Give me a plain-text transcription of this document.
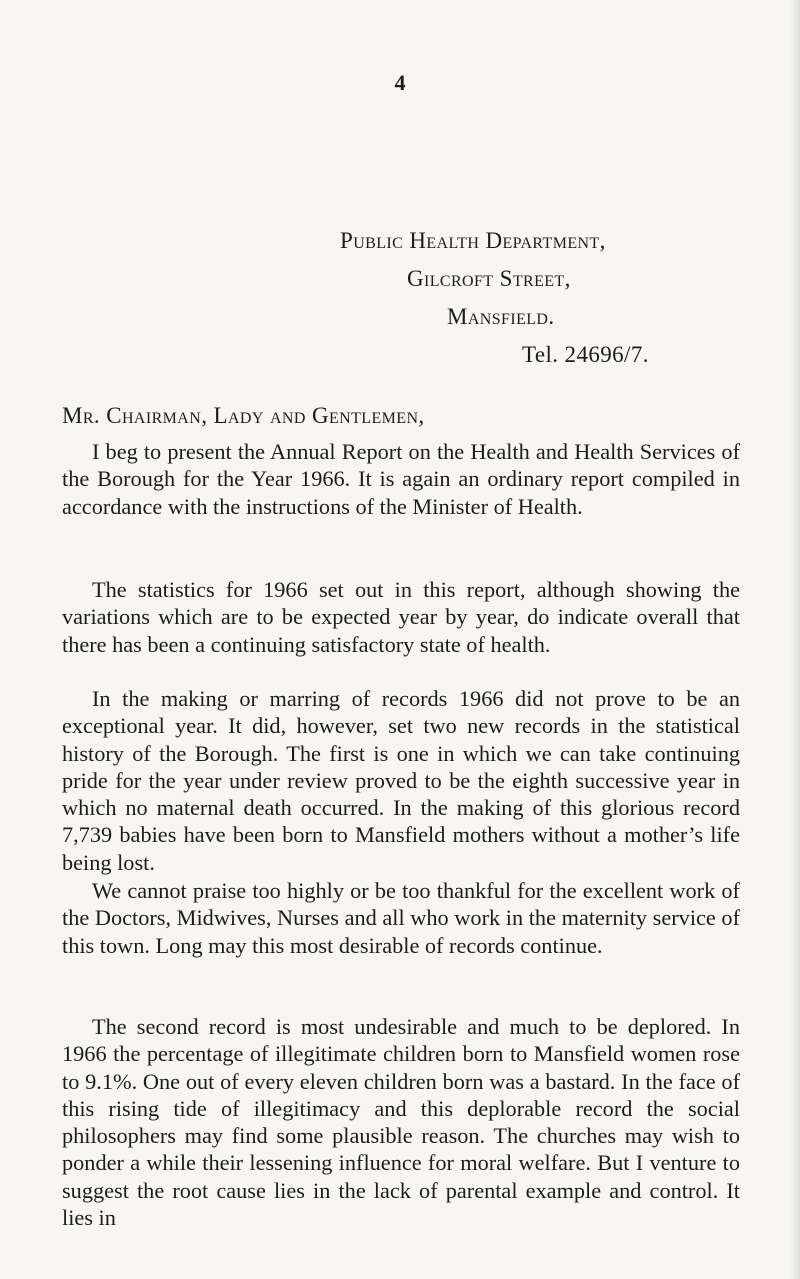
4
Public Health Department,
Gilcroft Street,
Mansfield.
Tel. 24696/7.
Mr. Chairman, Lady and Gentlemen,

I beg to present the Annual Report on the Health and Health Services of the Borough for the Year 1966. It is again an ordinary report compiled in accordance with the instructions of the Minister of Health.

The statistics for 1966 set out in this report, although showing the variations which are to be expected year by year, do indicate overall that there has been a continuing satisfactory state of health.

In the making or marring of records 1966 did not prove to be an exceptional year. It did, however, set two new records in the statistical history of the Borough. The first is one in which we can take continuing pride for the year under review proved to be the eighth successive year in which no maternal death occurred. In the making of this glorious record 7,739 babies have been born to Mansfield mothers without a mother’s life being lost.

We cannot praise too highly or be too thankful for the excellent work of the Doctors, Midwives, Nurses and all who work in the maternity service of this town. Long may this most desirable of records continue.

The second record is most undesirable and much to be deplored. In 1966 the percentage of illegitimate children born to Mansfield women rose to 9.1%. One out of every eleven children born was a bastard. In the face of this rising tide of illegitimacy and this deplorable record the social philosophers may find some plausible reason. The churches may wish to ponder a while their lessening influence for moral welfare. But I venture to suggest the root cause lies in the lack of parental example and control. It lies in
